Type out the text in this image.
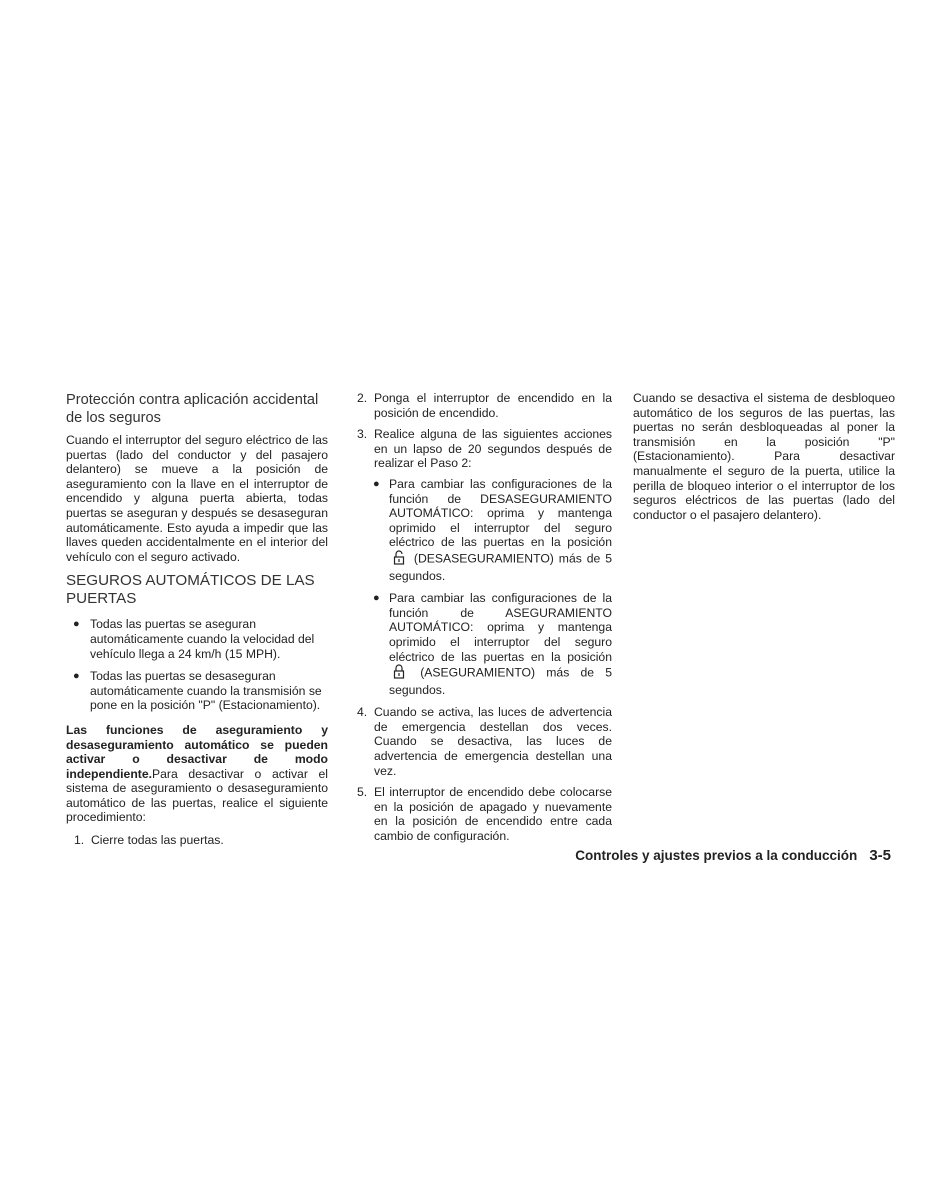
Protección contra aplicación accidental de los seguros

Cuando el interruptor del seguro eléctrico de las puertas (lado del conductor y del pasajero delantero) se mueve a la posición de aseguramiento con la llave en el interruptor de encendido y alguna puerta abierta, todas puertas se aseguran y después se desaseguran automáticamente. Esto ayuda a impedir que las llaves queden accidentalmente en el interior del vehículo con el seguro activado.

SEGUROS AUTOMÁTICOS DE LAS PUERTAS

● Todas las puertas se aseguran automáticamente cuando la velocidad del vehículo llega a 24 km/h (15 MPH).

● Todas las puertas se desaseguran automáticamente cuando la transmisión se pone en la posición "P" (Estacionamiento).

Las funciones de aseguramiento y desaseguramiento automático se pueden activar o desactivar de modo independiente.Para desactivar o activar el sistema de aseguramiento o desaseguramiento automático de las puertas, realice el siguiente procedimiento:

1. Cierre todas las puertas.

2. Ponga el interruptor de encendido en la posición de encendido.

3. Realice alguna de las siguientes acciones en un lapso de 20 segundos después de realizar el Paso 2:

● Para cambiar las configuraciones de la función de DESASEGURAMIENTO AUTOMÁTICO: oprima y mantenga oprimido el interruptor del seguro eléctrico de las puertas en la posición  (DESASEGURAMIENTO) más de 5 segundos.

● Para cambiar las configuraciones de la función de ASEGURAMIENTO AUTOMÁTICO: oprima y mantenga oprimido el interruptor del seguro eléctrico de las puertas en la posición  (ASEGURAMIENTO) más de 5 segundos.

4. Cuando se activa, las luces de advertencia de emergencia destellan dos veces. Cuando se desactiva, las luces de advertencia de emergencia destellan una vez.

5. El interruptor de encendido debe colocarse en la posición de apagado y nuevamente en la posición de encendido entre cada cambio de configuración.

Cuando se desactiva el sistema de desbloqueo automático de los seguros de las puertas, las puertas no serán desbloqueadas al poner la transmisión en la posición "P" (Estacionamiento). Para desactivar manualmente el seguro de la puerta, utilice la perilla de bloqueo interior o el interruptor de los seguros eléctricos de las puertas (lado del conductor o el pasajero delantero).

Controles y ajustes previos a la conducción 3-5
